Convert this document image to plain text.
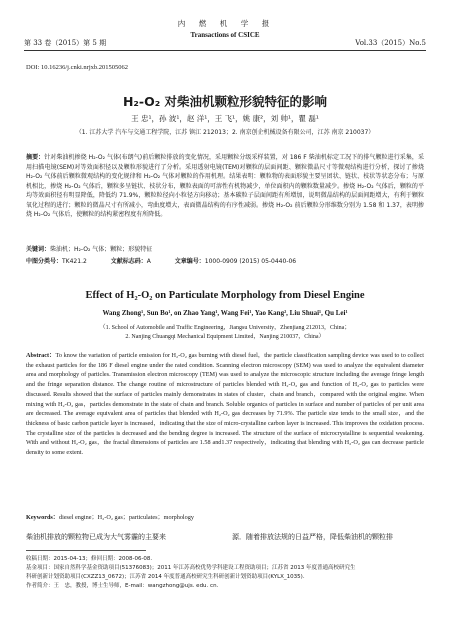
第 33 卷（2015）第 5 期
内　燃　机　学　报
Transactions of CSICE
Vol.33（2015）No.5
DOI: 10.16236/j.cnki.nrjxb.201505062
H₂-O₂ 对柴油机颗粒形貌特征的影响
王 忠¹，孙 波¹，赵 洋¹，王 飞¹，姚 康²，刘 帅¹，瞿 磊¹
（1. 江苏大学 汽车与交通工程学院，江苏 镇江 212013；2. 南京创企机械设备有限公司，江苏 南京 210037）
摘要：针对柴油机掺烧 H₂-O₂ 气体(布朗气)前后颗粒排放的变化情况，采用颗粒分级采样装置，对 186 F 柴油机标定工况下的排气颗粒进行采集，采用扫描电镜(SEM)对等效面积径以及颗粒形貌进行了分析。采用透射电镜(TEM)对颗粒的层面间距、颗粒微晶尺寸等微观结构进行分析，探讨了掺烧 H₂-O₂ 气体前后颗粒微观结构的变化规律和 H₂-O₂ 气体对颗粒的作用机理。结果表明：颗粒物的表面形貌主要呈团状、链状、枝状等状态分布；与原机相比，掺烧 H₂-O₂ 气体后，颗粒多呈链状、枝状分布，颗粒表面的可溶性有机物减少，单位面积内的颗粒数量减少。掺烧 H₂-O₂ 气体后，颗粒的平均等效面积径有明显降低，降低约 71.9%，颗粒粒径向小粒径方向移动；基本碳粒子层面间距有所增加，说明微晶结构的层面间距增大，有利于颗粒氧化过程的进行；颗粒的微晶尺寸有所减小，弯曲度增大，表面微晶结构的有序性减弱。掺烧 H₂-O₂ 前后颗粒分形维数分别为 1.58 和 1.37，表明掺烧 H₂-O₂ 气体后，使颗粒的结构紧密程度有所降低。
关键词：柴油机；H₂-O₂ 气体；颗粒；形貌特征
中图分类号：TK421.2	文献标志码：A	文章编号：1000-0909 (2015) 05-0440-06
Effect of H₂-O₂ on Particulate Morphology from Diesel Engine
Wang Zhong¹, Sun Bo¹, on Zhao Yang¹, Wang Fei¹, Yao Kang², Liu Shuai¹, Qu Lei¹
（1. School of Automobile and Traffic Engineering，Jiangsu University，Zhenjiang 212013，China；
2. Nanjing Chuangqi Mechanical Equipment Limited，Nanjing 210037，China）
Abstract：To know the variation of particle emission for H₂-O₂ gas burning with diesel fuel，the particle classification sampling device was used to to collect the exhaust particles for the 186 F diesel engine under the rated condition. Scanning electron microscopy (SEM) was used to analyze the equivalent diameter area and morphology of particles. Transmission electron microscopy (TEM) was used to analyze the microscopic structure including the average fringe length and the fringe separation distance. The change routine of microstructure of particles blended with H₂-O₂ gas and function of H₂-O₂ gas to particles were discussed. Results showed that the surface of particles mainly demonstrates in states of cluster，chain and branch，compared with the original engine. When mixing with H₂-O₂ gas，particles demonstrate in the state of chain and branch. Soluble organics of particles in surface and number of particles of per unit area are decreased. The average equivalent area of particles that blended with H₂-O₂ gas decreases by 71.9%. The particle size tends to the small size，and the thickness of basic carbon particle layer is increased，indicating that the size of micro-crystalline carbon layer is increased. This improves the oxidation process. The crystalline size of the particles is decreased and the bending degree is increased. The structure of the surface of microcrystalline is sequential weakening. With and without H₂-O₂ gas，the fractal dimensions of particles are 1.58 and1.37 respectively，indicating that blending with H₂-O₂ gas can decrease particle density to some extent.
Keywords：diesel engine；H₂-O₂ gas；particulates；morphology
柴油机排放的颗粒物已成为大气雾霾的主要来	源．随着排放法规的日益严格，降低柴油机的颗粒排
收稿日期：2015-04-13；修回日期：2008-06-08．
基金项目：国家自然科学基金资助项目(51376083)；2011 年江苏高校优势学科建设工程资助项目；江苏省 2013 年度普通高校研究生
科研创新计划资助项目(CXZZ13_0672)；江苏省 2014 年度普通高校研究生科研创新计划资助项目(KYLX_1035)．
作者简介：王　忠，教授，博士生导师，E-mail：wangzhong@ujs. edu. cn．
